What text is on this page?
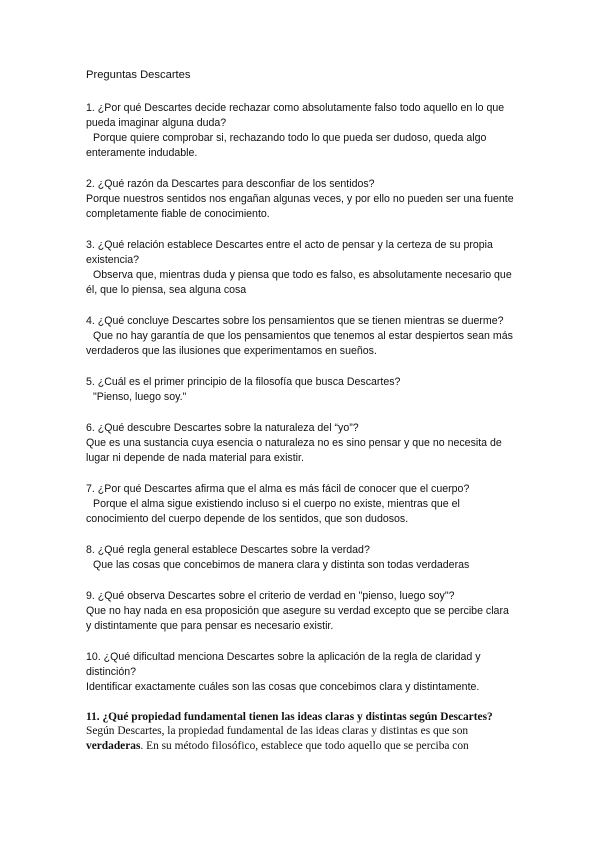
Preguntas Descartes

1. ¿Por qué Descartes decide rechazar como absolutamente falso todo aquello en lo que pueda imaginar alguna duda?

Porque quiere comprobar si, rechazando todo lo que pueda ser dudoso, queda algo enteramente indudable.

2. ¿Qué razón da Descartes para desconfiar de los sentidos?

Porque nuestros sentidos nos engañan algunas veces, y por ello no pueden ser una fuente completamente fiable de conocimiento.

3. ¿Qué relación establece Descartes entre el acto de pensar y la certeza de su propia existencia?

Observa que, mientras duda y piensa que todo es falso, es absolutamente necesario que él, que lo piensa, sea alguna cosa

4. ¿Qué concluye Descartes sobre los pensamientos que se tienen mientras se duerme?

Que no hay garantía de que los pensamientos que tenemos al estar despiertos sean más verdaderos que las ilusiones que experimentamos en sueños.

5. ¿Cuál es el primer principio de la filosofía que busca Descartes?

"Pienso, luego soy."

6. ¿Qué descubre Descartes sobre la naturaleza del “yo”?

Que es una sustancia cuya esencia o naturaleza no es sino pensar y que no necesita de lugar ni depende de nada material para existir.

7. ¿Por qué Descartes afirma que el alma es más fácil de conocer que el cuerpo?

Porque el alma sigue existiendo incluso si el cuerpo no existe, mientras que el conocimiento del cuerpo depende de los sentidos, que son dudosos.

8. ¿Qué regla general establece Descartes sobre la verdad?

Que las cosas que concebimos de manera clara y distinta son todas verdaderas

9. ¿Qué observa Descartes sobre el criterio de verdad en "pienso, luego soy"?

Que no hay nada en esa proposición que asegure su verdad excepto que se percibe clara y distintamente que para pensar es necesario existir.

10. ¿Qué dificultad menciona Descartes sobre la aplicación de la regla de claridad y distinción?

Identificar exactamente cuáles son las cosas que concebimos clara y distintamente.

11. ¿Qué propiedad fundamental tienen las ideas claras y distintas según Descartes?

Según Descartes, la propiedad fundamental de las ideas claras y distintas es que son verdaderas. En su método filosófico, establece que todo aquello que se perciba con
